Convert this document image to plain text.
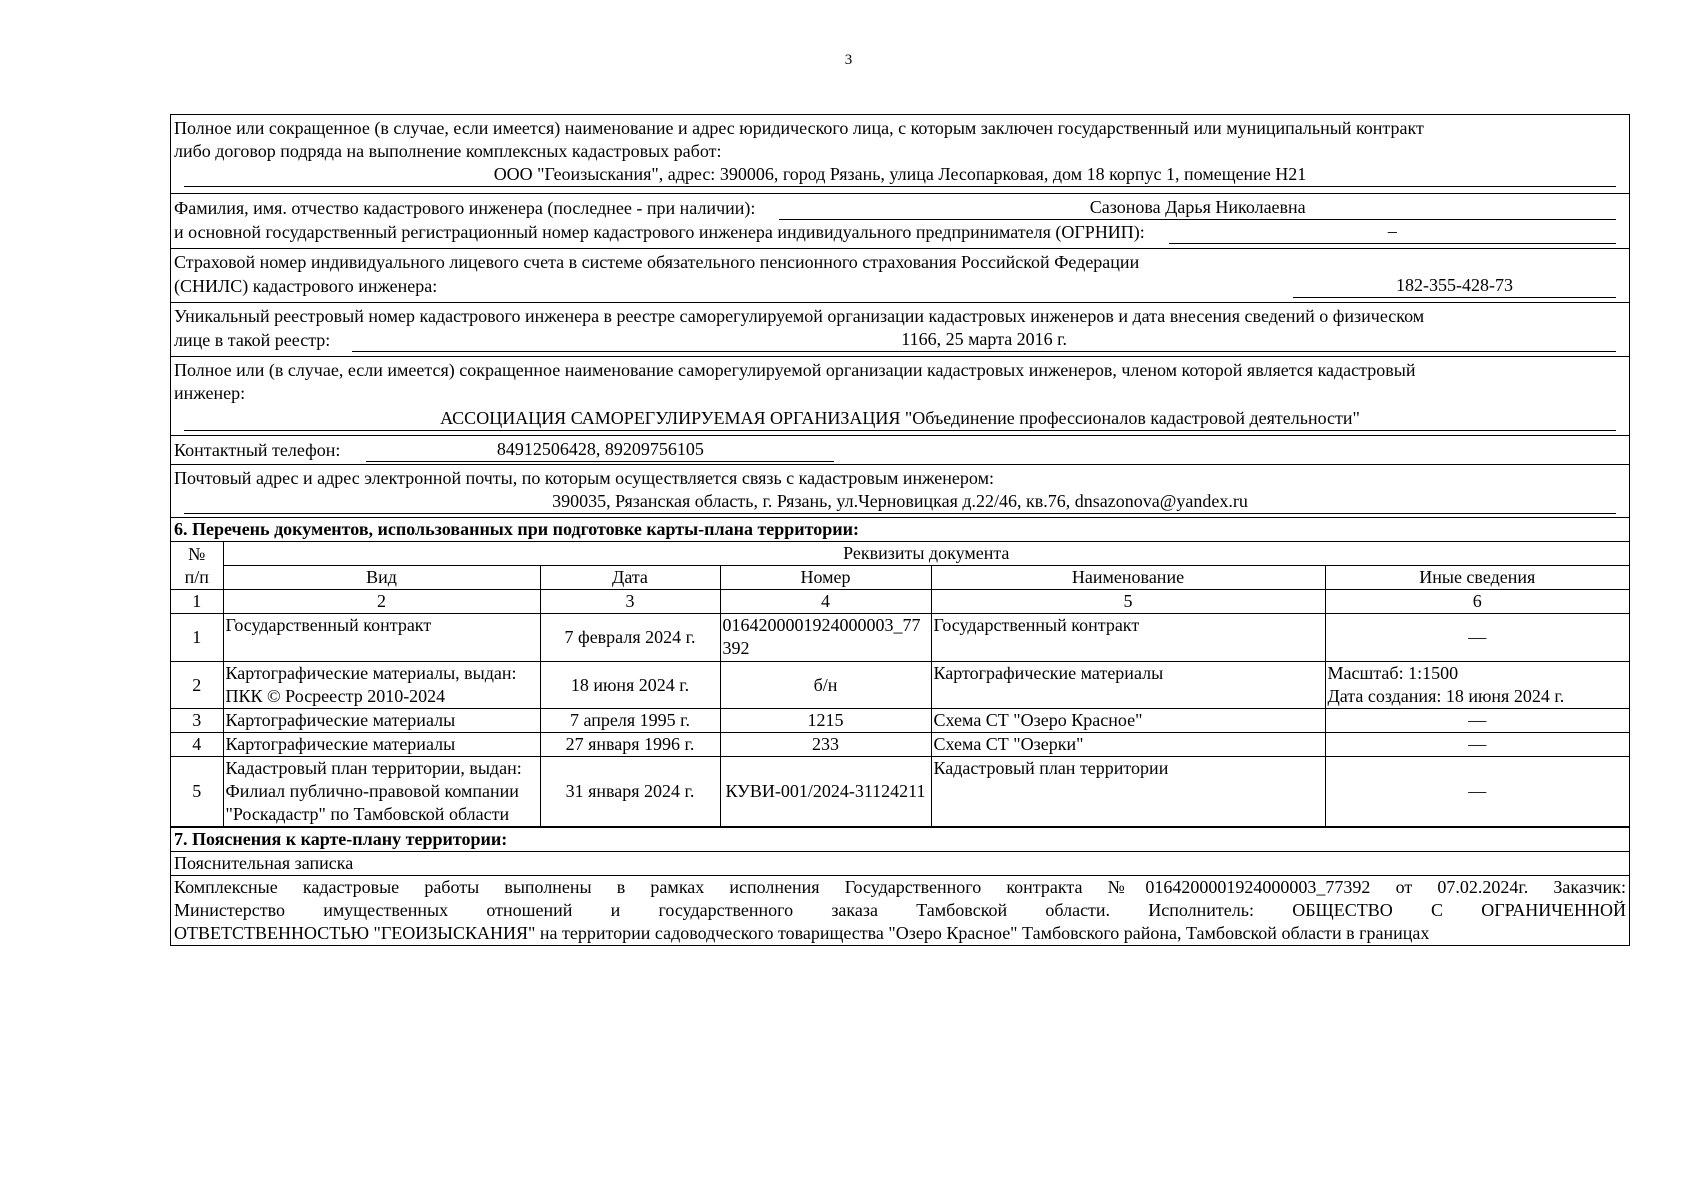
3
Полное или сокращенное (в случае, если имеется) наименование и адрес юридического лица, с которым заключен государственный или муниципальный контракт
либо договор подряда на выполнение комплексных кадастровых работ:
ООО "Геоизыскания", адрес: 390006, город Рязань, улица Лесопарковая, дом 18 корпус 1, помещение Н21
Фамилия, имя. отчество кадастрового инженера (последнее - при наличии):	Сазонова Дарья Николаевна
и основной государственный регистрационный номер кадастрового инженера индивидуального предпринимателя (ОГРНИП):	–
Страховой номер индивидуального лицевого счета в системе обязательного пенсионного страхования Российской Федерации
(СНИЛС) кадастрового инженера:	182-355-428-73
Уникальный реестровый номер кадастрового инженера в реестре саморегулируемой организации кадастровых инженеров и дата внесения сведений о физическом
лице в такой реестр:	1166, 25 марта 2016 г.
Полное или (в случае, если имеется) сокращенное наименование саморегулируемой организации кадастровых инженеров, членом которой является кадастровый
инженер:
АССОЦИАЦИЯ САМОРЕГУЛИРУЕМАЯ ОРГАНИЗАЦИЯ "Объединение профессионалов кадастровой деятельности"
Контактный телефон:	84912506428, 89209756105
Почтовый адрес и адрес электронной почты, по которым осуществляется связь с кадастровым инженером:
390035, Рязанская область, г. Рязань, ул.Черновицкая д.22/46, кв.76, dnsazonova@yandex.ru
6. Перечень документов, использованных при подготовке карты-плана территории:
№
п/п	Реквизиты документа				
	Вид	Дата	Номер	Наименование	Иные сведения
1	2	3	4	5	6
1	Государственный контракт	7 февраля 2024 г.	0164200001924000003_77392	Государственный контракт	—
2	Картографические материалы, выдан: ПКК © Росреестр 2010-2024	18 июня 2024 г.	б/н	Картографические материалы	Масштаб: 1:1500
Дата создания: 18 июня 2024 г.
3	Картографические материалы	7 апреля 1995 г.	1215	Схема СТ "Озеро Красное"	—
4	Картографические материалы	27 января 1996 г.	233	Схема СТ "Озерки"	—
5	Кадастровый план территории, выдан: Филиал публично-правовой компании "Роскадастр" по Тамбовской области	31 января 2024 г.	КУВИ-001/2024-31124211	Кадастровый план территории	—
7. Пояснения к карте-плану территории:
Пояснительная записка
Комплексные кадастровые работы выполнены в рамках исполнения Государственного контракта №0164200001924000003_77392 от 07.02.2024г. Заказчик:
Министерство имущественных отношений и государственного заказа Тамбовской области. Исполнитель: ОБЩЕСТВО С ОГРАНИЧЕННОЙ
ОТВЕТСТВЕННОСТЬЮ "ГЕОИЗЫСКАНИЯ" на территории садоводческого товарищества "Озеро Красное" Тамбовского района, Тамбовской области в границах
